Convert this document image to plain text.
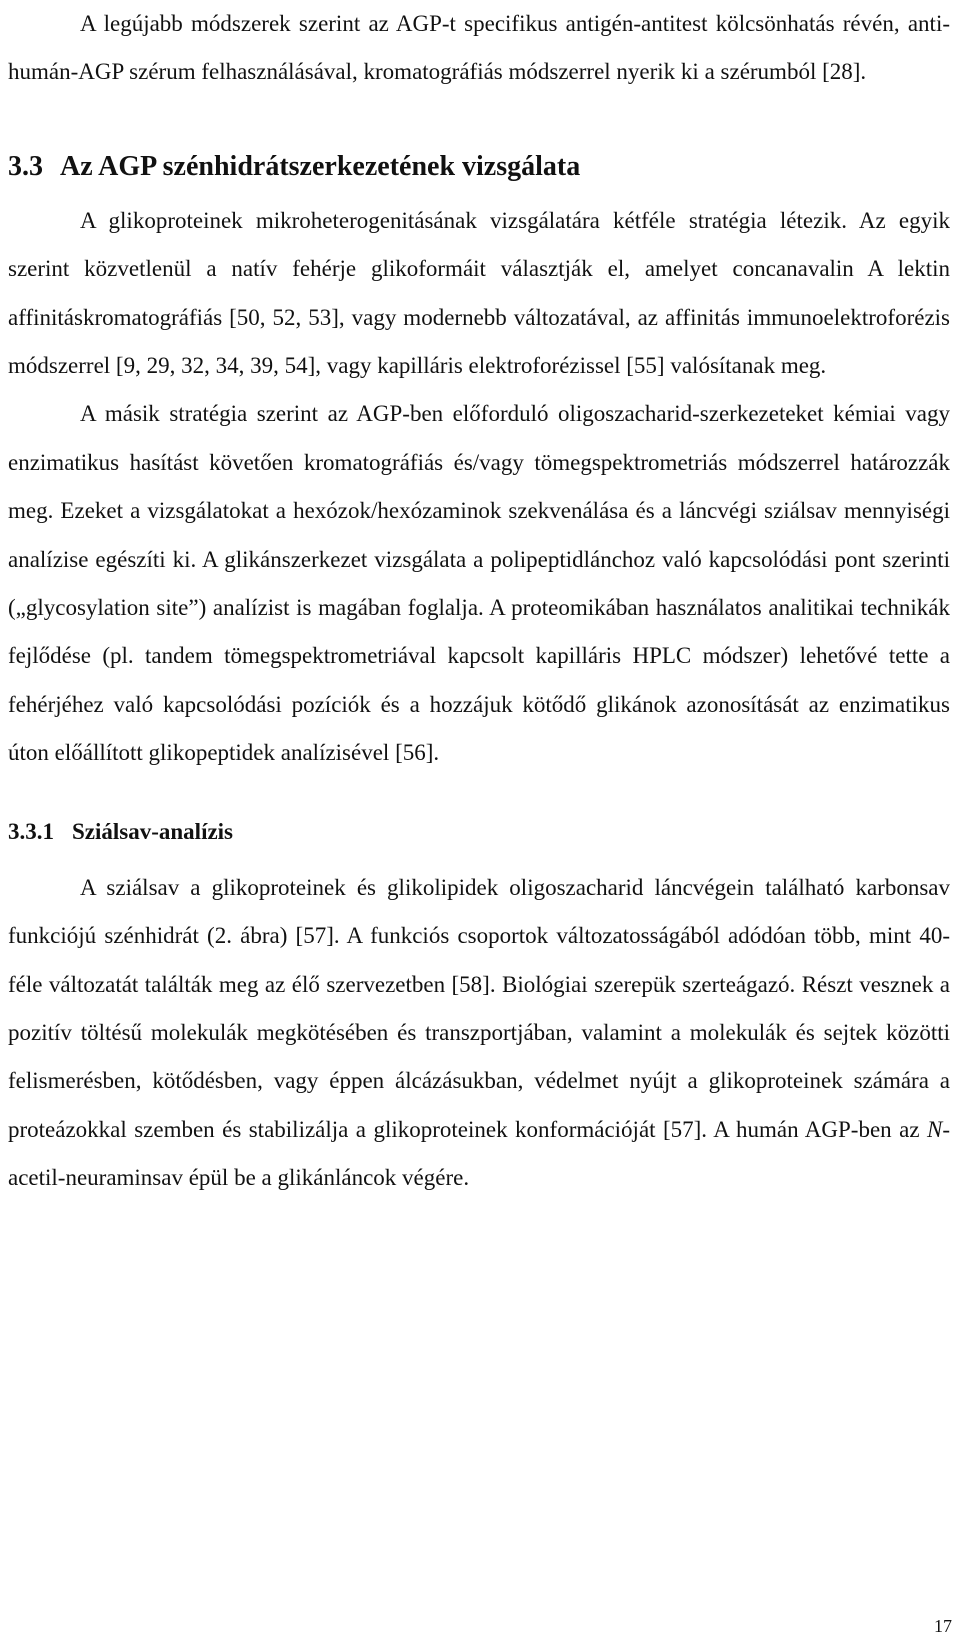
A legújabb módszerek szerint az AGP-t specifikus antigén-antitest kölcsönhatás révén, anti-humán-AGP szérum felhasználásával, kromatográfiás módszerrel nyerik ki a szérumból [28].

3.3 Az AGP szénhidrátszerkezetének vizsgálata

A glikoproteinek mikroheterogenitásának vizsgálatára kétféle stratégia létezik. Az egyik szerint közvetlenül a natív fehérje glikoformáit választják el, amelyet concanavalin A lektin affinitáskromatográfiás [50, 52, 53], vagy modernebb változatával, az affinitás immunoelektroforézis módszerrel [9, 29, 32, 34, 39, 54], vagy kapilláris elektroforézissel [55] valósítanak meg.

A másik stratégia szerint az AGP-ben előforduló oligoszacharid-szerkezeteket kémiai vagy enzimatikus hasítást követően kromatográfiás és/vagy tömegspektrometriás módszerrel határozzák meg. Ezeket a vizsgálatokat a hexózok/hexózaminok szekvenálása és a láncvégi sziálsav mennyiségi analízise egészíti ki. A glikánszerkezet vizsgálata a polipeptidlánchoz való kapcsolódási pont szerinti („glycosylation site”) analízist is magában foglalja. A proteomikában használatos analitikai technikák fejlődése (pl. tandem tömegspektrometriával kapcsolt kapilláris HPLC módszer) lehetővé tette a fehérjéhez való kapcsolódási pozíciók és a hozzájuk kötődő glikánok azonosítását az enzimatikus úton előállított glikopeptidek analízisével [56].

3.3.1 Sziálsav-analízis

A sziálsav a glikoproteinek és glikolipidek oligoszacharid láncvégein található karbonsav funkciójú szénhidrát (2. ábra) [57]. A funkciós csoportok változatosságából adódóan több, mint 40-féle változatát találták meg az élő szervezetben [58]. Biológiai szerepük szerteágazó. Részt vesznek a pozitív töltésű molekulák megkötésében és transzportjában, valamint a molekulák és sejtek közötti felismerésben, kötődésben, vagy éppen álcázásukban, védelmet nyújt a glikoproteinek számára a proteázokkal szemben és stabilizálja a glikoproteinek konformációját [57]. A humán AGP-ben az N-acetil-neuraminsav épül be a glikánláncok végére.

17
